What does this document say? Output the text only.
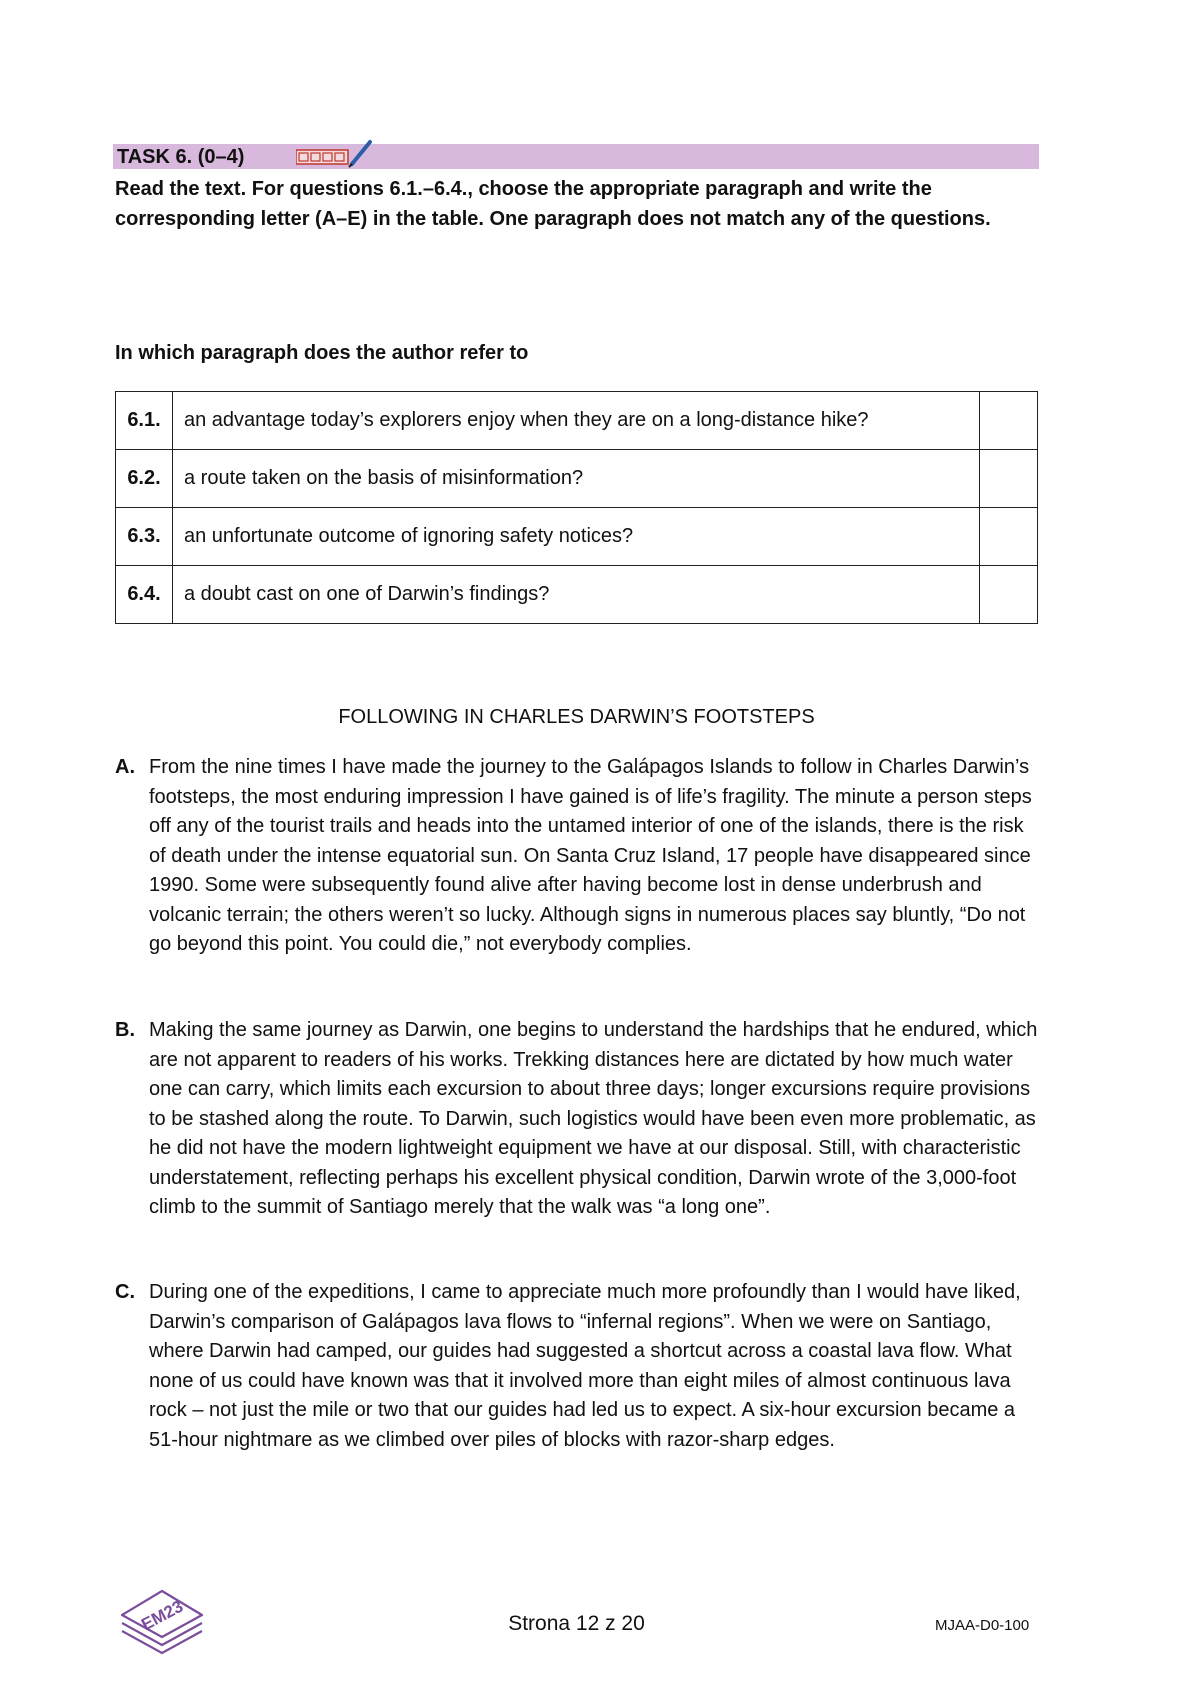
TASK 6. (0–4)
Read the text. For questions 6.1.–6.4., choose the appropriate paragraph and write the corresponding letter (A–E) in the table. One paragraph does not match any of the questions.
In which paragraph does the author refer to
6.1.	an advantage today’s explorers enjoy when they are on a long-distance hike?	
6.2.	a route taken on the basis of misinformation?	
6.3.	an unfortunate outcome of ignoring safety notices?	
6.4.	a doubt cast on one of Darwin’s findings?	
FOLLOWING IN CHARLES DARWIN’S FOOTSTEPS
A. From the nine times I have made the journey to the Galápagos Islands to follow in Charles Darwin’s footsteps, the most enduring impression I have gained is of life’s fragility. The minute a person steps off any of the tourist trails and heads into the untamed interior of one of the islands, there is the risk of death under the intense equatorial sun. On Santa Cruz Island, 17 people have disappeared since 1990. Some were subsequently found alive after having become lost in dense underbrush and volcanic terrain; the others weren’t so lucky. Although signs in numerous places say bluntly, “Do not go beyond this point. You could die,” not everybody complies.
B. Making the same journey as Darwin, one begins to understand the hardships that he endured, which are not apparent to readers of his works. Trekking distances here are dictated by how much water one can carry, which limits each excursion to about three days; longer excursions require provisions to be stashed along the route. To Darwin, such logistics would have been even more problematic, as he did not have the modern lightweight equipment we have at our disposal. Still, with characteristic understatement, reflecting perhaps his excellent physical condition, Darwin wrote of the 3,000-foot climb to the summit of Santiago merely that the walk was “a long one”.
C. During one of the expeditions, I came to appreciate much more profoundly than I would have liked, Darwin’s comparison of Galápagos lava flows to “infernal regions”. When we were on Santiago, where Darwin had camped, our guides had suggested a shortcut across a coastal lava flow. What none of us could have known was that it involved more than eight miles of almost continuous lava rock – not just the mile or two that our guides had led us to expect. A six-hour excursion became a 51-hour nightmare as we climbed over piles of blocks with razor-sharp edges.
EM23	Strona 12 z 20	MJAA-D0-100
